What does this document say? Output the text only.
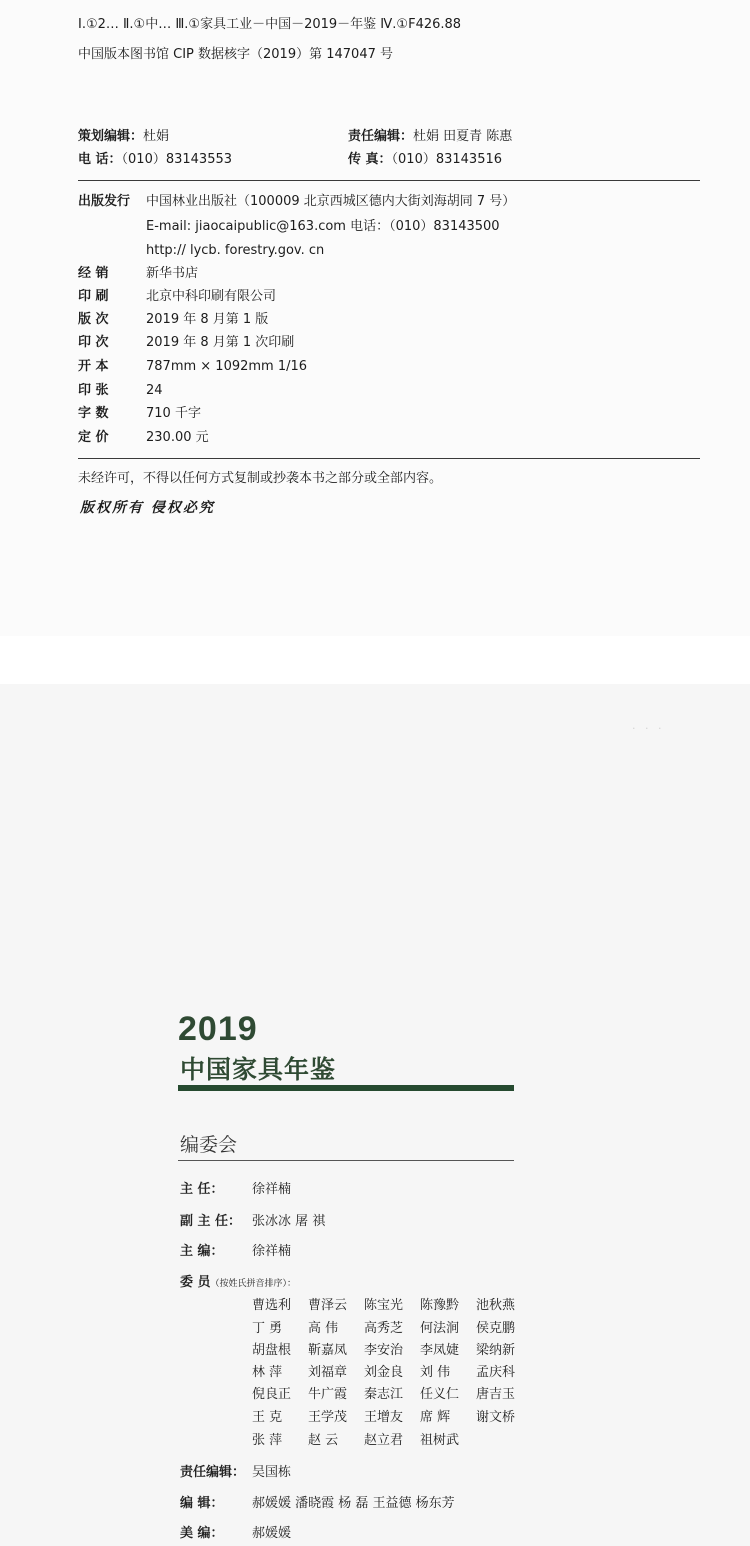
Ⅰ.①2… Ⅱ.①中… Ⅲ.①家具工业－中国－2019－年鉴 Ⅳ.①F426.88
中国版本图书馆 CIP 数据核字（2019）第 147047 号
策划编辑：杜娟	责任编辑：杜娟 田夏青 陈惠
电 话：（010）83143553	传 真：（010）83143516
出版发行 中国林业出版社（100009 北京西城区德内大街刘海胡同 7 号）
E-mail: jiaocaipublic@163.com 电话：（010）83143500
http:// lycb. forestry.gov. cn
经 销	新华书店
印 刷	北京中科印刷有限公司
版 次	2019 年 8 月第 1 版
印 次	2019 年 8 月第 1 次印刷
开 本	787mm × 1092mm 1/16
印 张	24
字 数	710 千字
定 价	230.00 元
未经许可，不得以任何方式复制或抄袭本书之部分或全部内容。
版权所有 侵权必究
· · ·
2019
中国家具年鉴
编委会
主 任： 徐祥楠
副 主 任： 张冰冰 屠 祺
主 编： 徐祥楠
委 员（按姓氏拼音排序）：
曹选利 曹泽云 陈宝光 陈豫黔 池秋燕
丁 勇 高 伟 高秀芝 何法涧 侯克鹏
胡盘根 靳嘉凤 李安治 李凤婕 梁纳新
林 萍 刘福章 刘金良 刘 伟 孟庆科
倪良正 牛广霞 秦志江 任义仁 唐吉玉
王 克 王学茂 王增友 席 辉 谢文桥
张 萍 赵 云 赵立君 祖树武
责任编辑： 吴国栋
编 辑： 郝媛媛 潘晓霞 杨 磊 王益德 杨东芳
美 编： 郝媛媛
